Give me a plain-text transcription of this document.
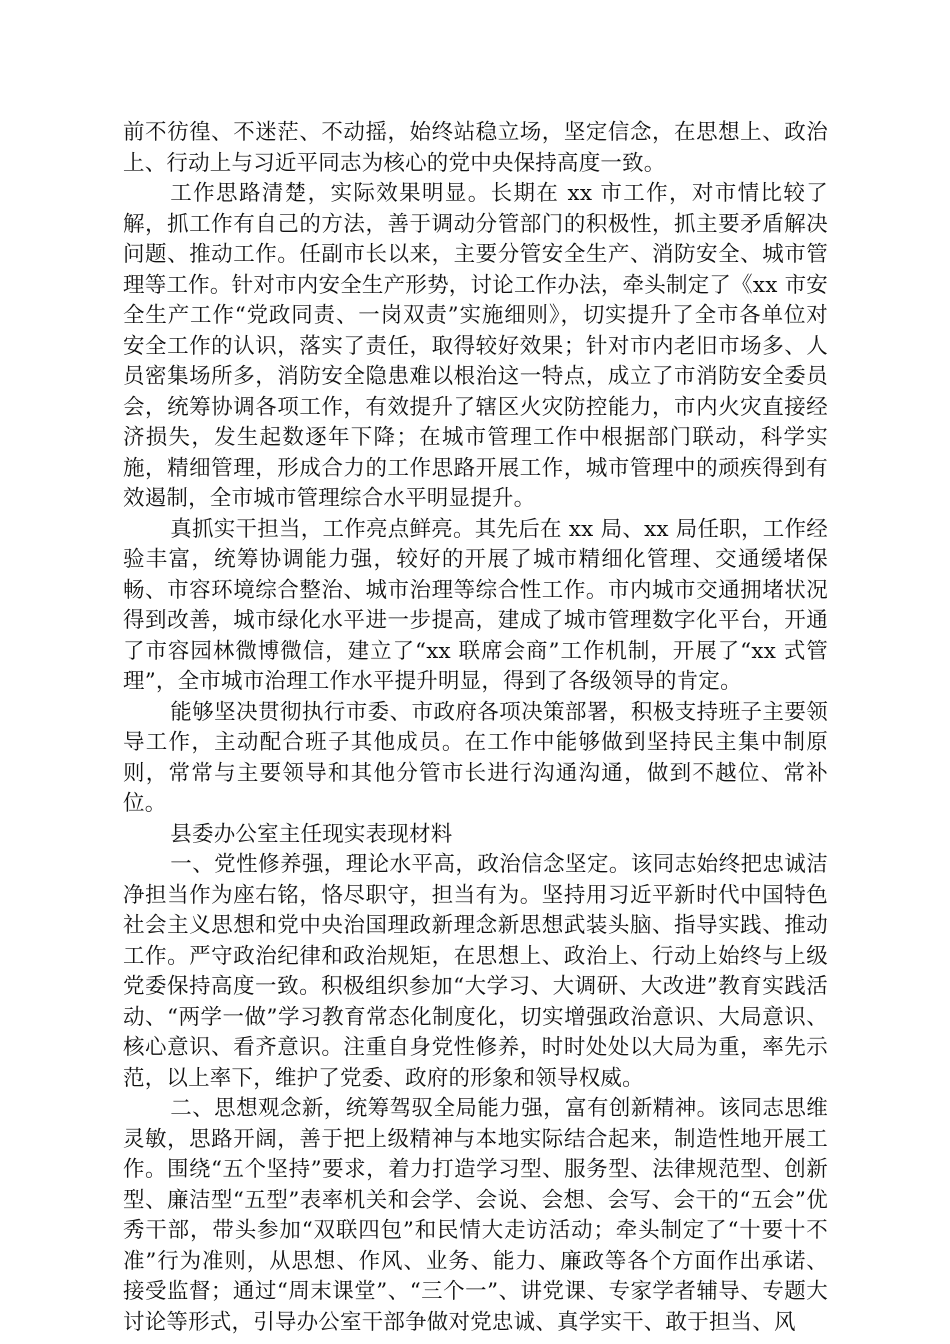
前不彷徨、不迷茫、不动摇，始终站稳立场，坚定信念，在思想上、政治上、行动上与习近平同志为核心的党中央保持高度一致。

工作思路清楚，实际效果明显。长期在 xx 市工作，对市情比较了解，抓工作有自己的方法，善于调动分管部门的积极性，抓主要矛盾解决问题、推动工作。任副市长以来，主要分管安全生产、消防安全、城市管理等工作。针对市内安全生产形势，讨论工作办法，牵头制定了《xx 市安全生产工作“党政同责、一岗双责”实施细则》，切实提升了全市各单位对安全工作的认识，落实了责任，取得较好效果；针对市内老旧市场多、人员密集场所多，消防安全隐患难以根治这一特点，成立了市消防安全委员会，统筹协调各项工作，有效提升了辖区火灾防控能力，市内火灾直接经济损失，发生起数逐年下降；在城市管理工作中根据部门联动，科学实施，精细管理，形成合力的工作思路开展工作，城市管理中的顽疾得到有效遏制，全市城市管理综合水平明显提升。

真抓实干担当，工作亮点鲜亮。其先后在 xx 局、xx 局任职，工作经验丰富，统筹协调能力强，较好的开展了城市精细化管理、交通缓堵保畅、市容环境综合整治、城市治理等综合性工作。市内城市交通拥堵状况得到改善，城市绿化水平进一步提高，建成了城市管理数字化平台，开通了市容园林微博微信，建立了“xx 联席会商”工作机制，开展了“xx 式管理”，全市城市治理工作水平提升明显，得到了各级领导的肯定。

能够坚决贯彻执行市委、市政府各项决策部署，积极支持班子主要领导工作，主动配合班子其他成员。在工作中能够做到坚持民主集中制原则，常常与主要领导和其他分管市长进行沟通沟通，做到不越位、常补位。

县委办公室主任现实表现材料

一、党性修养强，理论水平高，政治信念坚定。该同志始终把忠诚洁净担当作为座右铭，恪尽职守，担当有为。坚持用习近平新时代中国特色社会主义思想和党中央治国理政新理念新思想武装头脑、指导实践、推动工作。严守政治纪律和政治规矩，在思想上、政治上、行动上始终与上级党委保持高度一致。积极组织参加“大学习、大调研、大改进”教育实践活动、“两学一做”学习教育常态化制度化，切实增强政治意识、大局意识、核心意识、看齐意识。注重自身党性修养，时时处处以大局为重，率先示范，以上率下，维护了党委、政府的形象和领导权威。

二、思想观念新，统筹驾驭全局能力强，富有创新精神。该同志思维灵敏，思路开阔，善于把上级精神与本地实际结合起来，制造性地开展工作。围绕“五个坚持”要求，着力打造学习型、服务型、法律规范型、创新型、廉洁型“五型”表率机关和会学、会说、会想、会写、会干的“五会”优秀干部，带头参加“双联四包”和民情大走访活动；牵头制定了“十要十不准”行为准则，从思想、作风、业务、能力、廉政等各个方面作出承诺、接受监督；通过“周末课堂”、“三个一”、讲党课、专家学者辅导、专题大讨论等形式，引导办公室干部争做对党忠诚、真学实干、敢于担当、风
